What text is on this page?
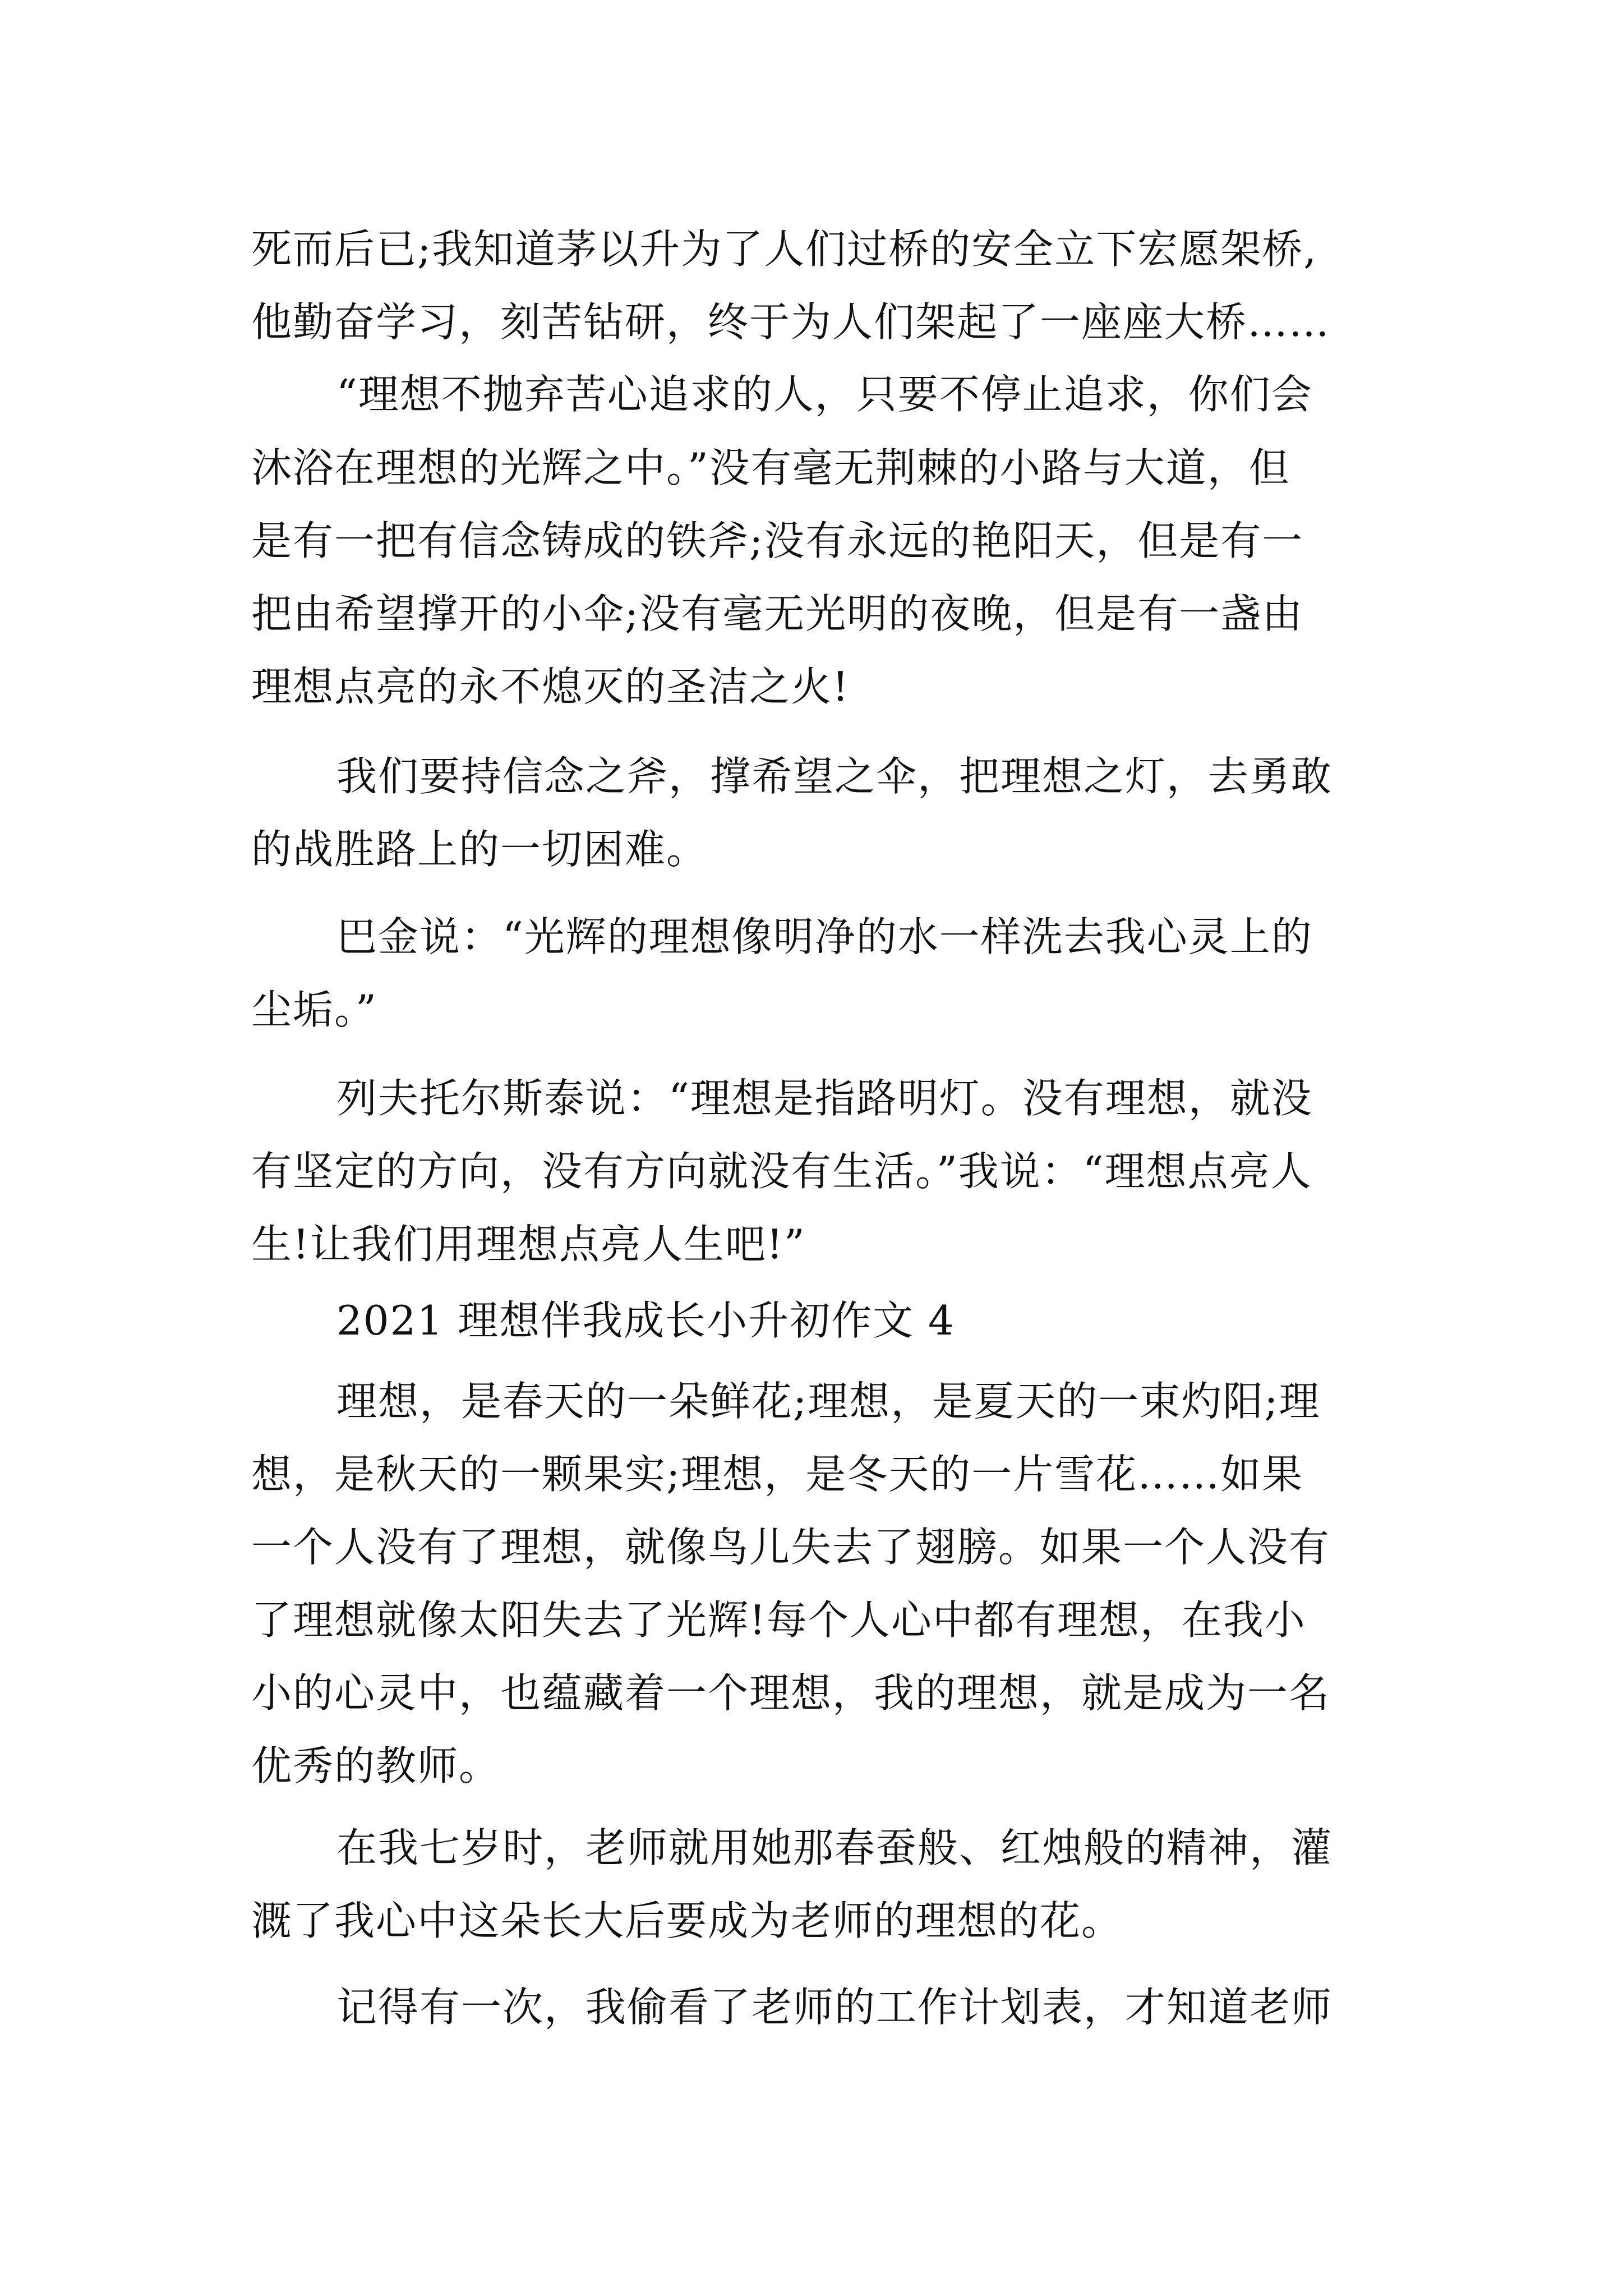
死而后已;我知道茅以升为了人们过桥的安全立下宏愿架桥,
他勤奋学习，刻苦钻研，终于为人们架起了一座座大桥……
“理想不抛弃苦心追求的人，只要不停止追求，你们会
沐浴在理想的光辉之中。”没有毫无荆棘的小路与大道，但
是有一把有信念铸成的铁斧;没有永远的艳阳天，但是有一
把由希望撑开的小伞;没有毫无光明的夜晚，但是有一盏由
理想点亮的永不熄灭的圣洁之火!
我们要持信念之斧，撑希望之伞，把理想之灯，去勇敢
的战胜路上的一切困难。
巴金说：“光辉的理想像明净的水一样洗去我心灵上的
尘垢。”
列夫托尔斯泰说：“理想是指路明灯。没有理想，就没
有坚定的方向，没有方向就没有生活。”我说：“理想点亮人
生!让我们用理想点亮人生吧!”
2021 理想伴我成长小升初作文 4
理想，是春天的一朵鲜花;理想，是夏天的一束灼阳;理
想，是秋天的一颗果实;理想，是冬天的一片雪花……如果
一个人没有了理想，就像鸟儿失去了翅膀。如果一个人没有
了理想就像太阳失去了光辉!每个人心中都有理想，在我小
小的心灵中，也蕴藏着一个理想，我的理想，就是成为一名
优秀的教师。
在我七岁时，老师就用她那春蚕般、红烛般的精神，灌
溉了我心中这朵长大后要成为老师的理想的花。
记得有一次，我偷看了老师的工作计划表，才知道老师
